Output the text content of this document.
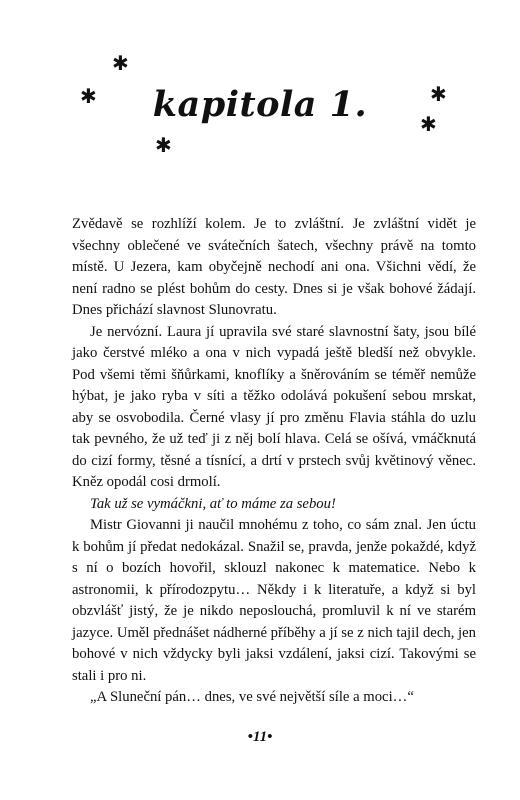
✱
✱
✱
✱
✱
kapitola 1.

Zvědavě se rozhlíží kolem. Je to zvláštní. Je zvláštní vidět je všechny oblečené ve svátečních šatech, všechny právě na tomto místě. U Jezera, kam obyčejně nechodí ani ona. Všichni vědí, že není radno se plést bohům do cesty. Dnes si je však bohové žádají. Dnes přichází slavnost Slunovratu.

Je nervózní. Laura jí upravila své staré slavnostní šaty, jsou bílé jako čerstvé mléko a ona v nich vypadá ještě bledší než obvykle. Pod všemi těmi šňůrkami, knoflíky a šněrováním se téměř nemůže hýbat, je jako ryba v síti a těžko odolává pokušení sebou mrskat, aby se osvobodila. Černé vlasy jí pro změnu Flavia stáhla do uzlu tak pevného, že už teď ji z něj bolí hlava. Celá se ošívá, vmáčknutá do cizí formy, těsné a tísnící, a drtí v prstech svůj květinový věnec. Kněz opodál cosi drmolí.

Tak už se vymáčkni, ať to máme za sebou!

Mistr Giovanni ji naučil mnohému z toho, co sám znal. Jen úctu k bohům jí předat nedokázal. Snažil se, pravda, jenže pokaždé, když s ní o bozích hovořil, sklouzl nakonec k matematice. Nebo k astronomii, k přírodozpytu… Někdy i k literatuře, a když si byl obzvlášť jistý, že je nikdo neposlouchá, promluvil k ní ve starém jazyce. Uměl přednášet nádherné příběhy a jí se z nich tajil dech, jen bohové v nich vždycky byli jaksi vzdálení, jaksi cizí. Takovými se stali i pro ni.

„A Sluneční pán… dnes, ve své největší síle a moci…“

•11•
